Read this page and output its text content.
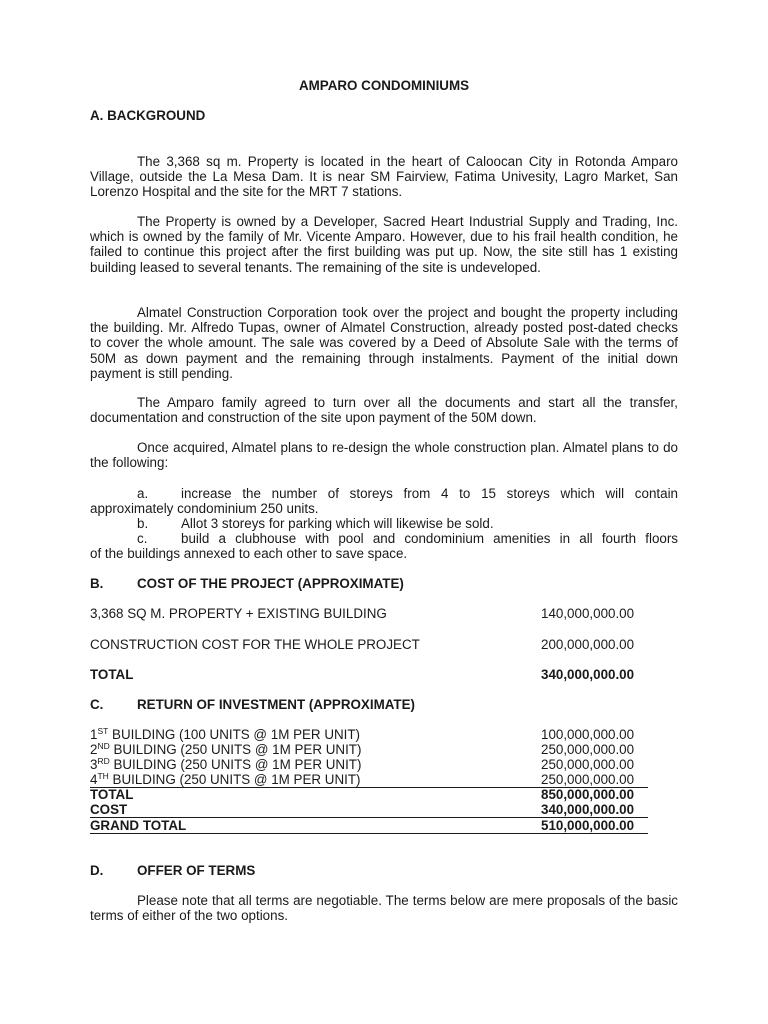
AMPARO CONDOMINIUMS
A. BACKGROUND

The 3,368 sq m. Property is located in the heart of Caloocan City in Rotonda Amparo Village, outside the La Mesa Dam. It is near SM Fairview, Fatima Univesity, Lagro Market, San Lorenzo Hospital and the site for the MRT 7 stations.

The Property is owned by a Developer, Sacred Heart Industrial Supply and Trading, Inc. which is owned by the family of Mr. Vicente Amparo. However, due to his frail health condition, he failed to continue this project after the first building was put up. Now, the site still has 1 existing building leased to several tenants. The remaining of the site is undeveloped.

Almatel Construction Corporation took over the project and bought the property including the building. Mr. Alfredo Tupas, owner of Almatel Construction, already posted post-dated checks to cover the whole amount. The sale was covered by a Deed of Absolute Sale with the terms of 50M as down payment and the remaining through instalments. Payment of the initial down payment is still pending.

The Amparo family agreed to turn over all the documents and start all the transfer, documentation and construction of the site upon payment of the 50M down.

Once acquired, Almatel plans to re-design the whole construction plan. Almatel plans to do the following:

a. increase the number of storeys from 4 to 15 storeys which will contain
approximately condominium 250 units.
b. Allot 3 storeys for parking which will likewise be sold.
c.	build a clubhouse with pool and condominium amenities in all fourth floors
of the buildings annexed to each other to save space.
B.	COST OF THE PROJECT (APPROXIMATE)
3,368 SQ M. PROPERTY + EXISTING BUILDING	140,000,000.00
CONSTRUCTION COST FOR THE WHOLE PROJECT	200,000,000.00
TOTAL	340,000,000.00
C.	RETURN OF INVESTMENT (APPROXIMATE)
1ST BUILDING (100 UNITS @ 1M PER UNIT)	100,000,000.00
2ND BUILDING (250 UNITS @ 1M PER UNIT)	250,000,000.00
3RD BUILDING (250 UNITS @ 1M PER UNIT)	250,000,000.00
4TH BUILDING (250 UNITS @ 1M PER UNIT)	250,000,000.00
TOTAL	850,000,000.00
COST	340,000,000.00
GRAND TOTAL	510,000,000.00
D.	OFFER OF TERMS

Please note that all terms are negotiable. The terms below are mere proposals of the basic terms of either of the two options.
